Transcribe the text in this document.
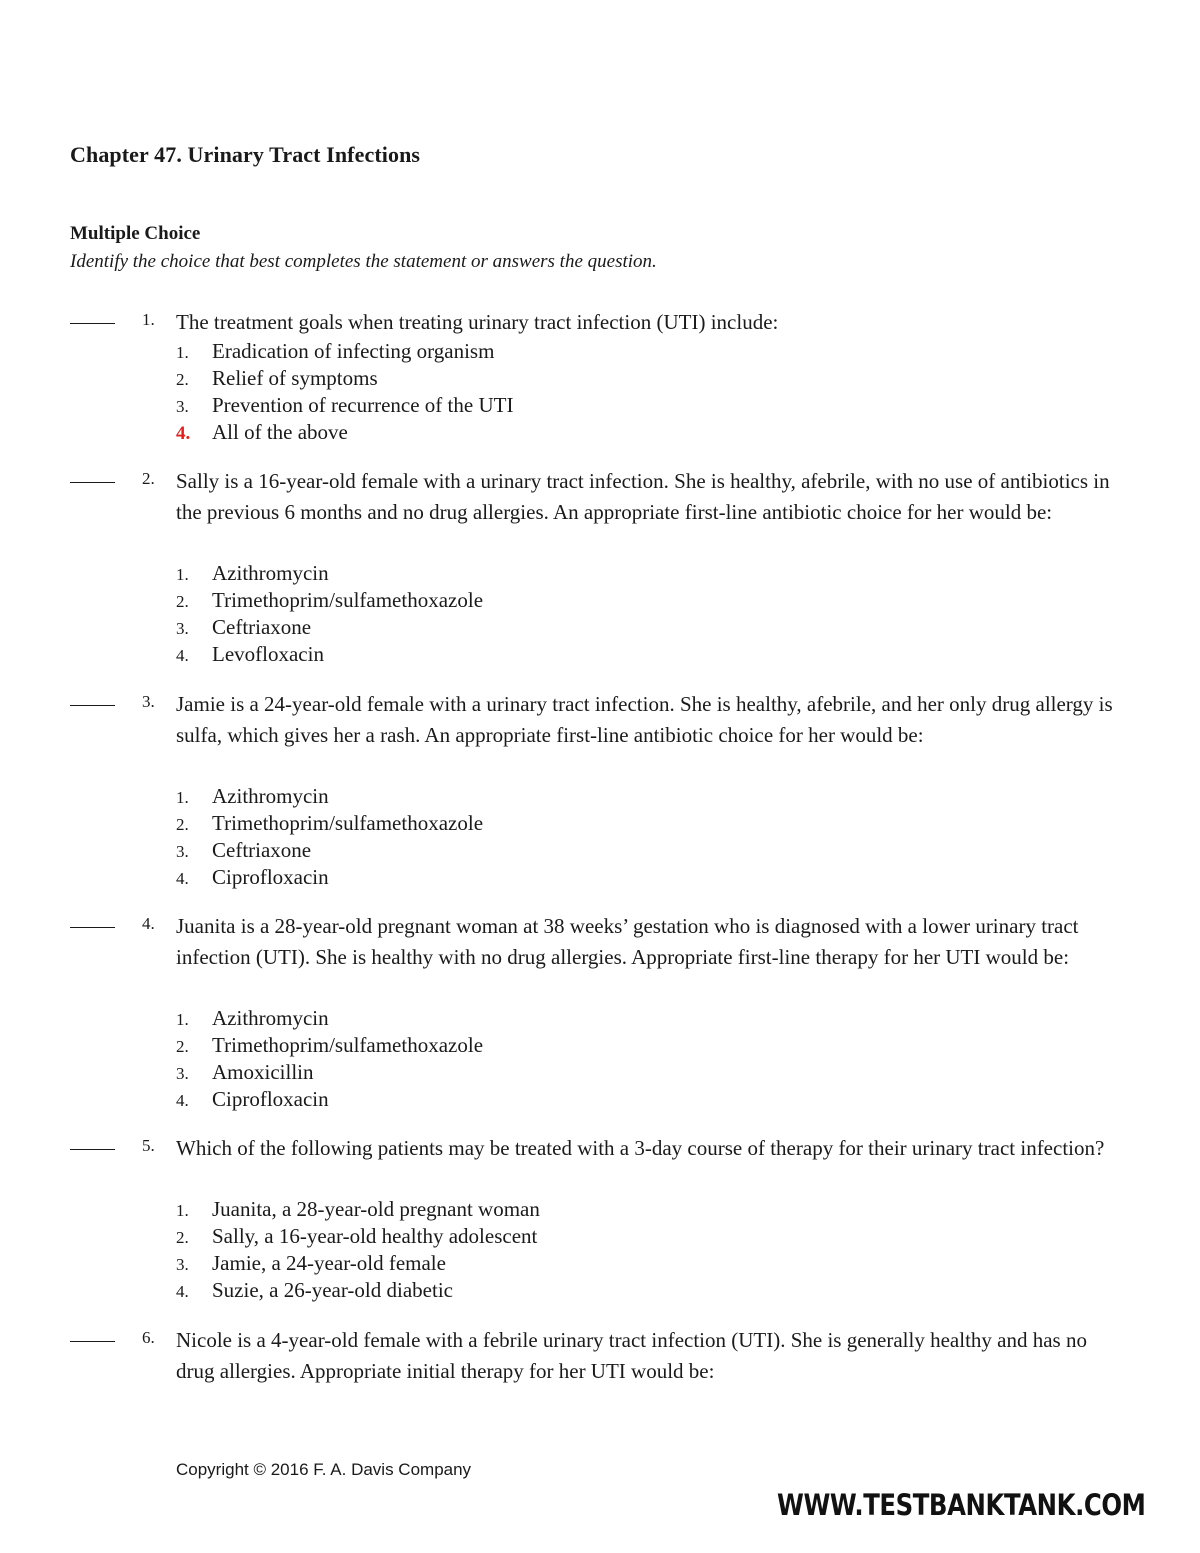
Chapter 47. Urinary Tract Infections
Multiple Choice
Identify the choice that best completes the statement or answers the question.
1. The treatment goals when treating urinary tract infection (UTI) include:
1. Eradication of infecting organism
2. Relief of symptoms
3. Prevention of recurrence of the UTI
4. All of the above
2. Sally is a 16-year-old female with a urinary tract infection. She is healthy, afebrile, with no use of antibiotics in the previous 6 months and no drug allergies. An appropriate first-line antibiotic choice for her would be:
1. Azithromycin
2. Trimethoprim/sulfamethoxazole
3. Ceftriaxone
4. Levofloxacin
3. Jamie is a 24-year-old female with a urinary tract infection. She is healthy, afebrile, and her only drug allergy is sulfa, which gives her a rash. An appropriate first-line antibiotic choice for her would be:
1. Azithromycin
2. Trimethoprim/sulfamethoxazole
3. Ceftriaxone
4. Ciprofloxacin
4. Juanita is a 28-year-old pregnant woman at 38 weeks’ gestation who is diagnosed with a lower urinary tract infection (UTI). She is healthy with no drug allergies. Appropriate first-line therapy for her UTI would be:
1. Azithromycin
2. Trimethoprim/sulfamethoxazole
3. Amoxicillin
4. Ciprofloxacin
5. Which of the following patients may be treated with a 3-day course of therapy for their urinary tract infection?
1. Juanita, a 28-year-old pregnant woman
2. Sally, a 16-year-old healthy adolescent
3. Jamie, a 24-year-old female
4. Suzie, a 26-year-old diabetic
6. Nicole is a 4-year-old female with a febrile urinary tract infection (UTI). She is generally healthy and has no drug allergies. Appropriate initial therapy for her UTI would be:
Copyright © 2016 F. A. Davis Company
WWW.TESTBANKTANK.COM
